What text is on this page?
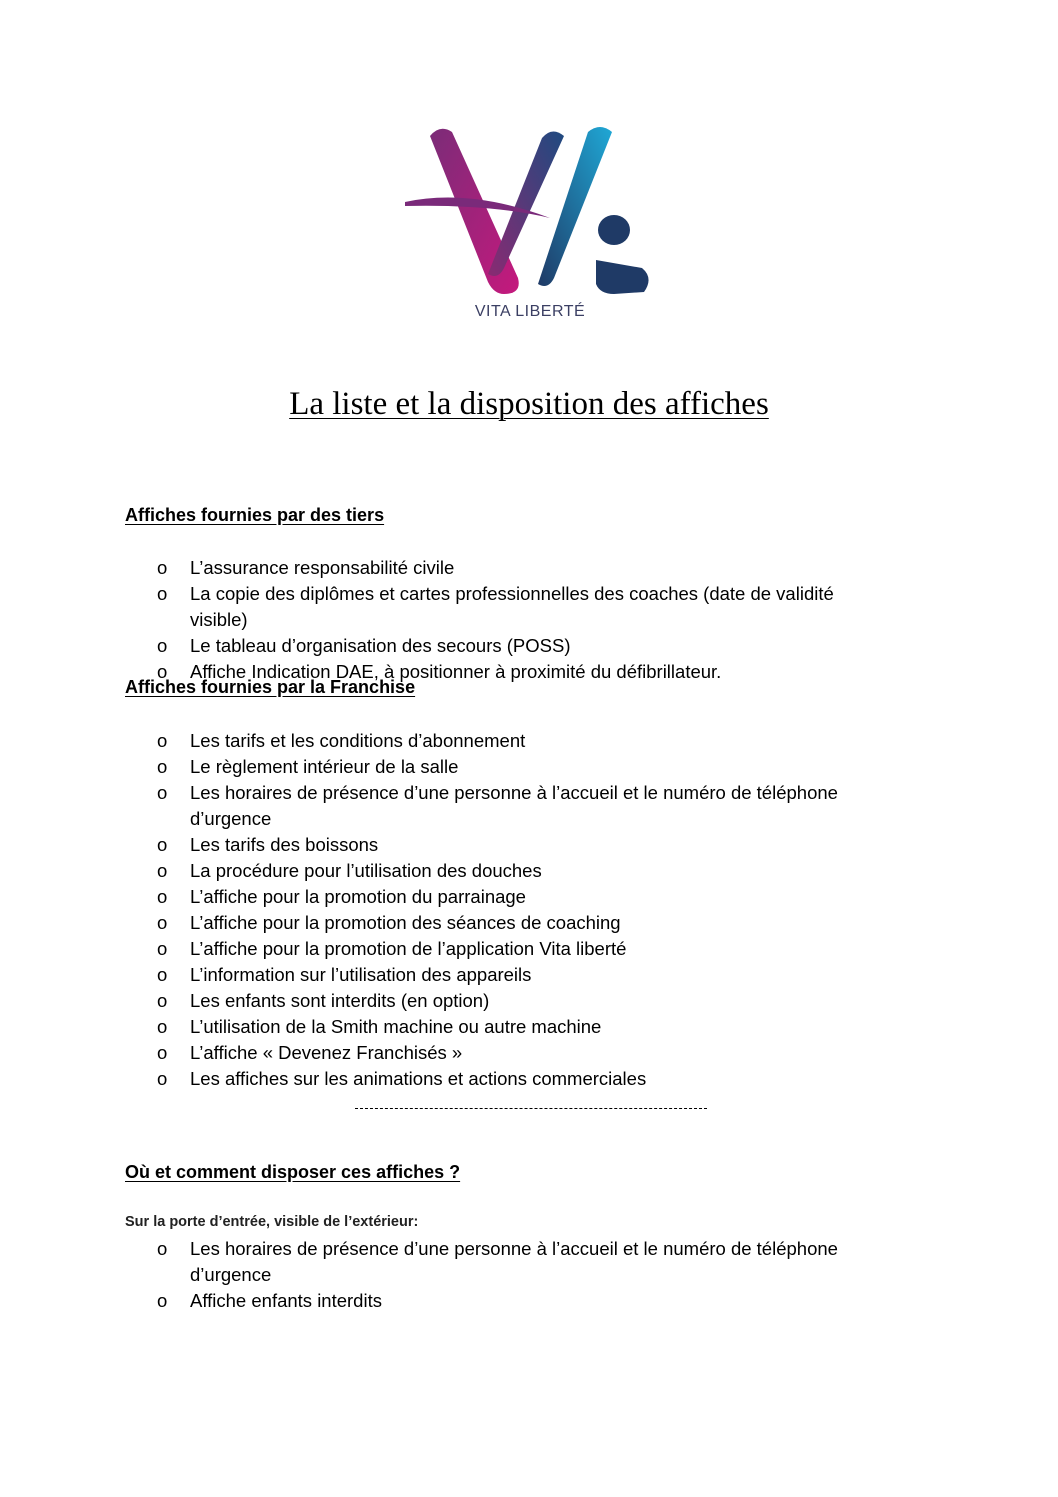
VITA LIBERTÉ
La liste et la disposition des affiches
Affiches fournies par des tiers
o L’assurance responsabilité civile
o La copie des diplômes et cartes professionnelles des coaches (date de validité visible)
o Le tableau d’organisation des secours (POSS)
o Affiche Indication DAE, à positionner à proximité du défibrillateur.
Affiches fournies par la Franchise
o Les tarifs et les conditions d’abonnement
o Le règlement intérieur de la salle
o Les horaires de présence d’une personne à l’accueil et le numéro de téléphone d’urgence
o Les tarifs des boissons
o La procédure pour l’utilisation des douches
o L’affiche pour la promotion du parrainage
o L’affiche pour la promotion des séances de coaching
o L’affiche pour la promotion de l’application Vita liberté
o L’information sur l’utilisation des appareils
o Les enfants sont interdits (en option)
o L’utilisation de la Smith machine ou autre machine
o L’affiche « Devenez Franchisés »
o Les affiches sur les animations et actions commerciales
Où et comment disposer ces affiches ?
Sur la porte d’entrée, visible de l’extérieur:
o Les horaires de présence d’une personne à l’accueil et le numéro de téléphone d’urgence
o Affiche enfants interdits
